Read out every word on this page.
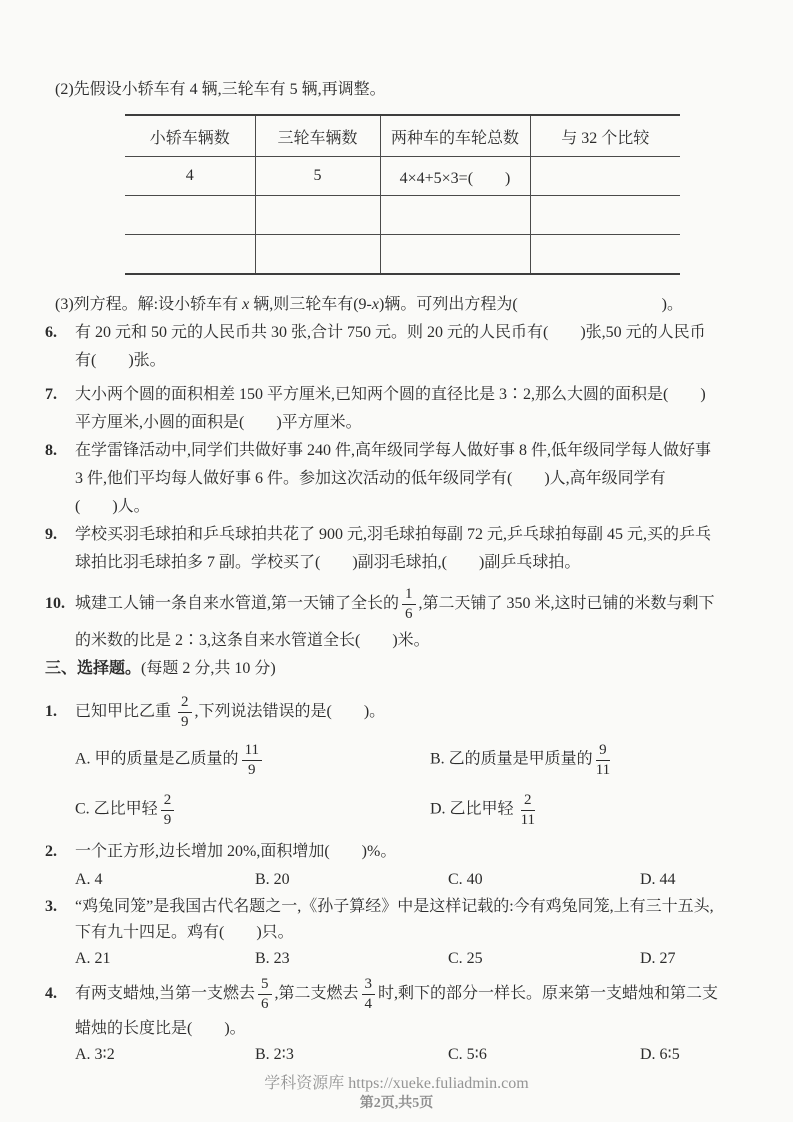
(2)先假设小轿车有 4 辆,三轮车有 5 辆,再调整。
小轿车辆数	三轮车辆数	两种车的车轮总数	与 32 个比较
4	5	4×4+5×3=(　　)	

(3)列方程。解:设小轿车有 x 辆,则三轮车有(9-x)辆。可列出方程为(　　　　　　　　　)。
6. 有 20 元和 50 元的人民币共 30 张,合计 750 元。则 20 元的人民币有(　　)张,50 元的人民币
有(　　)张。
7. 大小两个圆的面积相差 150 平方厘米,已知两个圆的直径比是 3∶2,那么大圆的面积是(　　)
平方厘米,小圆的面积是(　　)平方厘米。
8. 在学雷锋活动中,同学们共做好事 240 件,高年级同学每人做好事 8 件,低年级同学每人做好事
3 件,他们平均每人做好事 6 件。参加这次活动的低年级同学有(　　)人,高年级同学有
(　　)人。
9. 学校买羽毛球拍和乒乓球拍共花了 900 元,羽毛球拍每副 72 元,乒乓球拍每副 45 元,买的乒乓
球拍比羽毛球拍多 7 副。学校买了(　　)副羽毛球拍,(　　)副乒乓球拍。
10. 城建工人铺一条自来水管道,第一天铺了全长的 $\frac{1}{6}$ ,第二天铺了 350 米,这时已铺的米数与剩下
的米数的比是 2∶3,这条自来水管道全长(　　)米。
三、选择题。(每题 2 分,共 10 分)
1. 已知甲比乙重 $\frac{2}{9}$ ,下列说法错误的是(　　)。
A. 甲的质量是乙质量的 $\frac{11}{9}$	B. 乙的质量是甲质量的 $\frac{9}{11}$
C. 乙比甲轻 $\frac{2}{9}$	D. 乙比甲轻 $\frac{2}{11}$
2. 一个正方形,边长增加 20%,面积增加(　　)%。
A. 4	B. 20	C. 40	D. 44
3. “鸡兔同笼”是我国古代名题之一,《孙子算经》中是这样记载的:今有鸡兔同笼,上有三十五头,
下有九十四足。鸡有(　　)只。
A. 21	B. 23	C. 25	D. 27
4. 有两支蜡烛,当第一支燃去 $\frac{5}{6}$ ,第二支燃去 $\frac{3}{4}$ 时,剩下的部分一样长。原来第一支蜡烛和第二支
蜡烛的长度比是(　　)。
A. 3∶2	B. 2∶3	C. 5∶6	D. 6∶5
学科资源库 https://xueke.fuliadmin.com
第2页,共5页
